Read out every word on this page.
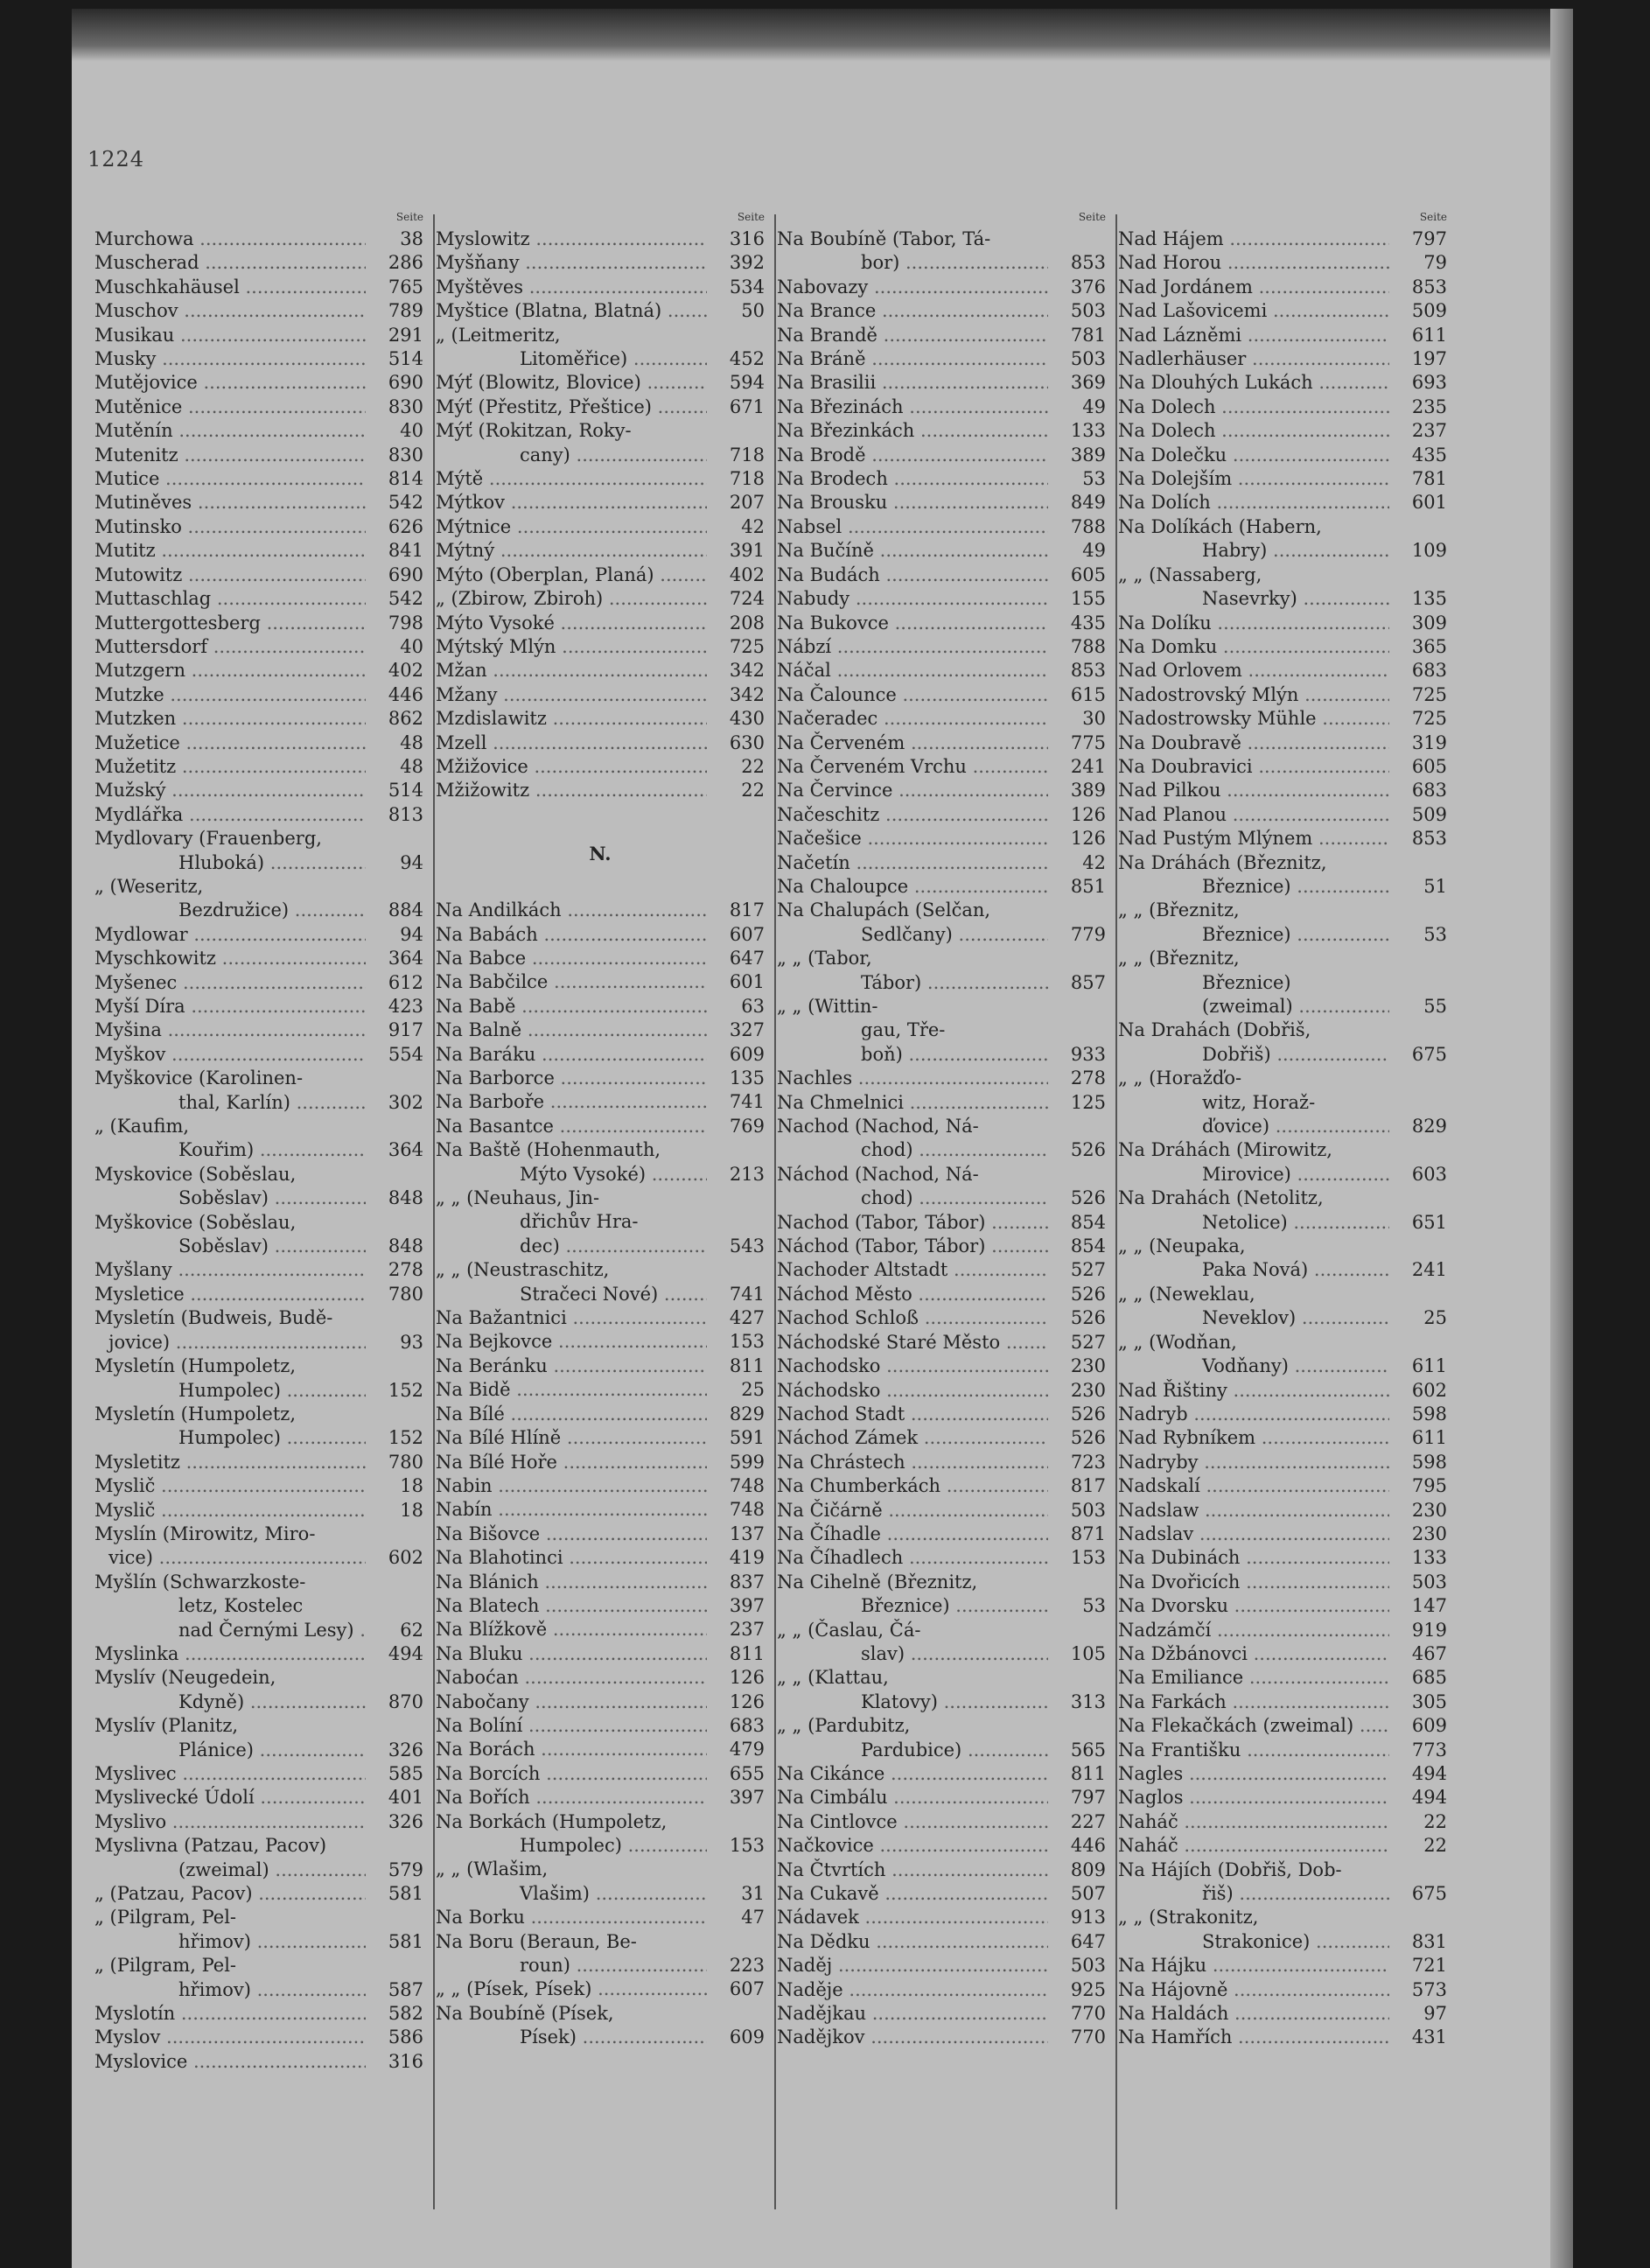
1224
Seite
Murchowa .....	38
Muscherad .....	286
Muschkahäusel .....	765
Muschov .....	789
Musikau .....	291
Musky .....	514
Mutějovice .....	690
Mutěnice .....	830
Mutěnín .....	40
Mutenitz .....	830
Mutice .....	814
Mutiněves .....	542
Mutinsko .....	626
Mutitz .....	841
Mutowitz .....	690
Muttaschlag .....	542
Muttergottesberg .....	798
Muttersdorf .....	40
Mutzgern .....	402
Mutzke .....	446
Mutzken .....	862
Mužetice .....	48
Mužetitz .....	48
Mužský .....	514
Mydlářka .....	813
Mydlovary (Frauenberg,
Hluboká) .....	94
„ (Weseritz,
Bezdružice) .....	884
Mydlowar .....	94
Myschkowitz .....	364
Myšenec .....	612
Myší Díra .....	423
Myšina .....	917
Myškov .....	554
Myškovice (Karolinen-
thal, Karlín) .....	302
„ (Kaufim,
Kouřim) .....	364
Myskovice (Soběslau,
Soběslav) .....	848
Myškovice (Soběslau,
Soběslav) .....	848
Myšlany .....	278
Mysletice .....	780
Mysletín (Budweis, Budě-
jovice) .....	93
Mysletín (Humpoletz,
Humpolec) .....	152
Mysletín (Humpoletz,
Humpolec) .....	152
Mysletitz .....	780
Myslič .....	18
Myslič .....	18
Myslín (Mirowitz, Miro-
vice) .....	602
Myšlín (Schwarzkoste-
letz, Kostelec
nad Černými Lesy) .....	62
Myslinka .....	494
Myslív (Neugedein,
Kdyně) .....	870
Myslív (Planitz,
Plánice) .....	326
Myslivec .....	585
Myslivecké Údolí .....	401
Myslivo .....	326
Myslivna (Patzau, Pacov)
(zweimal) .....	579
„ (Patzau, Pacov) .....	581
„ (Pilgram, Pel-
hřimov) .....	581
„ (Pilgram, Pel-
hřimov) .....	587
Myslotín .....	582
Myslov .....	586
Myslovice .....	316
Seite
Myslowitz .....	316
Myšňany .....	392
Myštěves .....	534
Myštice (Blatna, Blatná) .....	50
„ (Leitmeritz,
Litoměřice) .....	452
Mýť (Blowitz, Blovice) .....	594
Mýť (Přestitz, Přeštice) .....	671
Mýť (Rokitzan, Roky-
cany) .....	718
Mýtě .....	718
Mýtkov .....	207
Mýtnice .....	42
Mýtný .....	391
Mýto (Oberplan, Planá) .....	402
„ (Zbirow, Zbiroh) .....	724
Mýto Vysoké .....	208
Mýtský Mlýn .....	725
Mžan .....	342
Mžany .....	342
Mzdislawitz .....	430
Mzell .....	630
Mžižovice .....	22
Mžižowitz .....	22
N.
Na Andilkách .....	817
Na Babách .....	607
Na Babce .....	647
Na Babčilce .....	601
Na Babě .....	63
Na Balně .....	327
Na Baráku .....	609
Na Barborce .....	135
Na Barboře .....	741
Na Basantce .....	769
Na Baště (Hohenmauth,
Mýto Vysoké) .....	213
„ „ (Neuhaus, Jin-
dřichův Hra-
dec) .....	543
„ „ (Neustraschitz,
Stračeci Nové) .....	741
Na Bažantnici .....	427
Na Bejkovce .....	153
Na Beránku .....	811
Na Bidě .....	25
Na Bílé .....	829
Na Bílé Hlíně .....	591
Na Bílé Hoře .....	599
Nabin .....	748
Nabín .....	748
Na Bišovce .....	137
Na Blahotinci .....	419
Na Blánich .....	837
Na Blatech .....	397
Na Blížkově .....	237
Na Bluku .....	811
Naboćan .....	126
Nabočany .....	126
Na Bolíní .....	683
Na Borách .....	479
Na Borcích .....	655
Na Bořích .....	397
Na Borkách (Humpoletz,
Humpolec) .....	153
„ „ (Wlašim,
Vlašim) .....	31
Na Borku .....	47
Na Boru (Beraun, Be-
roun) .....	223
„ „ (Písek, Písek) .....	607
Na Boubíně (Písek,
Písek) .....	609
Seite
Na Boubíně (Tabor, Tá-
bor) .....	853
Nabovazy .....	376
Na Brance .....	503
Na Brandě .....	781
Na Bráně .....	503
Na Brasilii .....	369
Na Březinách .....	49
Na Březinkách .....	133
Na Brodě .....	389
Na Brodech .....	53
Na Brousku .....	849
Nabsel .....	788
Na Bučíně .....	49
Na Budách .....	605
Nabudy .....	155
Na Bukovce .....	435
Nábzí .....	788
Náčal .....	853
Na Čalounce .....	615
Načeradec .....	30
Na Červeném .....	775
Na Červeném Vrchu .....	241
Na Červince .....	389
Načeschitz .....	126
Načešice .....	126
Načetín .....	42
Na Chaloupce .....	851
Na Chalupách (Selčan,
Sedlčany) .....	779
„ „ (Tabor,
Tábor) .....	857
„ „ (Wittin-
gau, Tře-
boň) .....	933
Nachles .....	278
Na Chmelnici .....	125
Nachod (Nachod, Ná-
chod) .....	526
Náchod (Nachod, Ná-
chod) .....	526
Nachod (Tabor, Tábor) .....	854
Náchod (Tabor, Tábor) .....	854
Nachoder Altstadt .....	527
Náchod Město .....	526
Nachod Schloß .....	526
Náchodské Staré Město .....	527
Nachodsko .....	230
Náchodsko .....	230
Nachod Stadt .....	526
Náchod Zámek .....	526
Na Chrástech .....	723
Na Chumberkách .....	817
Na Čičárně .....	503
Na Číhadle .....	871
Na Číhadlech .....	153
Na Cihelně (Březnitz,
Březnice) .....	53
„ „ (Časlau, Čá-
slav) .....	105
„ „ (Klattau,
Klatovy) .....	313
„ „ (Pardubitz,
Pardubice) .....	565
Na Cikánce .....	811
Na Cimbálu .....	797
Na Cintlovce .....	227
Načkovice .....	446
Na Čtvrtích .....	809
Na Cukavě .....	507
Nádavek .....	913
Na Dědku .....	647
Naděj .....	503
Naděje .....	925
Nadějkau .....	770
Nadějkov .....	770
Seite
Nad Hájem .....	797
Nad Horou .....	79
Nad Jordánem .....	853
Nad Lašovicemi .....	509
Nad Lázněmi .....	611
Nadlerhäuser .....	197
Na Dlouhých Lukách .....	693
Na Dolech .....	235
Na Dolech .....	237
Na Dolečku .....	435
Na Dolejším .....	781
Na Dolích .....	601
Na Dolíkách (Habern,
Habry) .....	109
„ „ (Nassaberg,
Nasevrky) .....	135
Na Dolíku .....	309
Na Domku .....	365
Nad Orlovem .....	683
Nadostrovský Mlýn .....	725
Nadostrowsky Mühle .....	725
Na Doubravě .....	319
Na Doubravici .....	605
Nad Pilkou .....	683
Nad Planou .....	509
Nad Pustým Mlýnem .....	853
Na Dráhách (Březnitz,
Březnice) .....	51
„ „ (Březnitz,
Březnice) .....	53
„ „ (Březnitz,
Březnice)
(zweimal) .....	55
Na Drahách (Dobřiš,
Dobřiš) .....	675
„ „ (Horažďo-
witz, Horaž-
ďovice) .....	829
Na Dráhách (Mirowitz,
Mirovice) .....	603
Na Drahách (Netolitz,
Netolice) .....	651
„ „ (Neupaka,
Paka Nová) .....	241
„ „ (Neweklau,
Neveklov) .....	25
„ „ (Wodňan,
Vodňany) .....	611
Nad Řištiny .....	602
Nadryb .....	598
Nad Rybníkem .....	611
Nadryby .....	598
Nadskalí .....	795
Nadslaw .....	230
Nadslav .....	230
Na Dubinách .....	133
Na Dvořicích .....	503
Na Dvorsku .....	147
Nadzámčí .....	919
Na Džbánovci .....	467
Na Emiliance .....	685
Na Farkách .....	305
Na Flekačkách (zweimal) .....	609
Na Františku .....	773
Nagles .....	494
Naglos .....	494
Naháč .....	22
Naháč .....	22
Na Hájích (Dobřiš, Dob-
řiš) .....	675
„ „ (Strakonitz,
Strakonice) .....	831
Na Hájku .....	721
Na Hájovně .....	573
Na Haldách .....	97
Na Hamřích .....	431
